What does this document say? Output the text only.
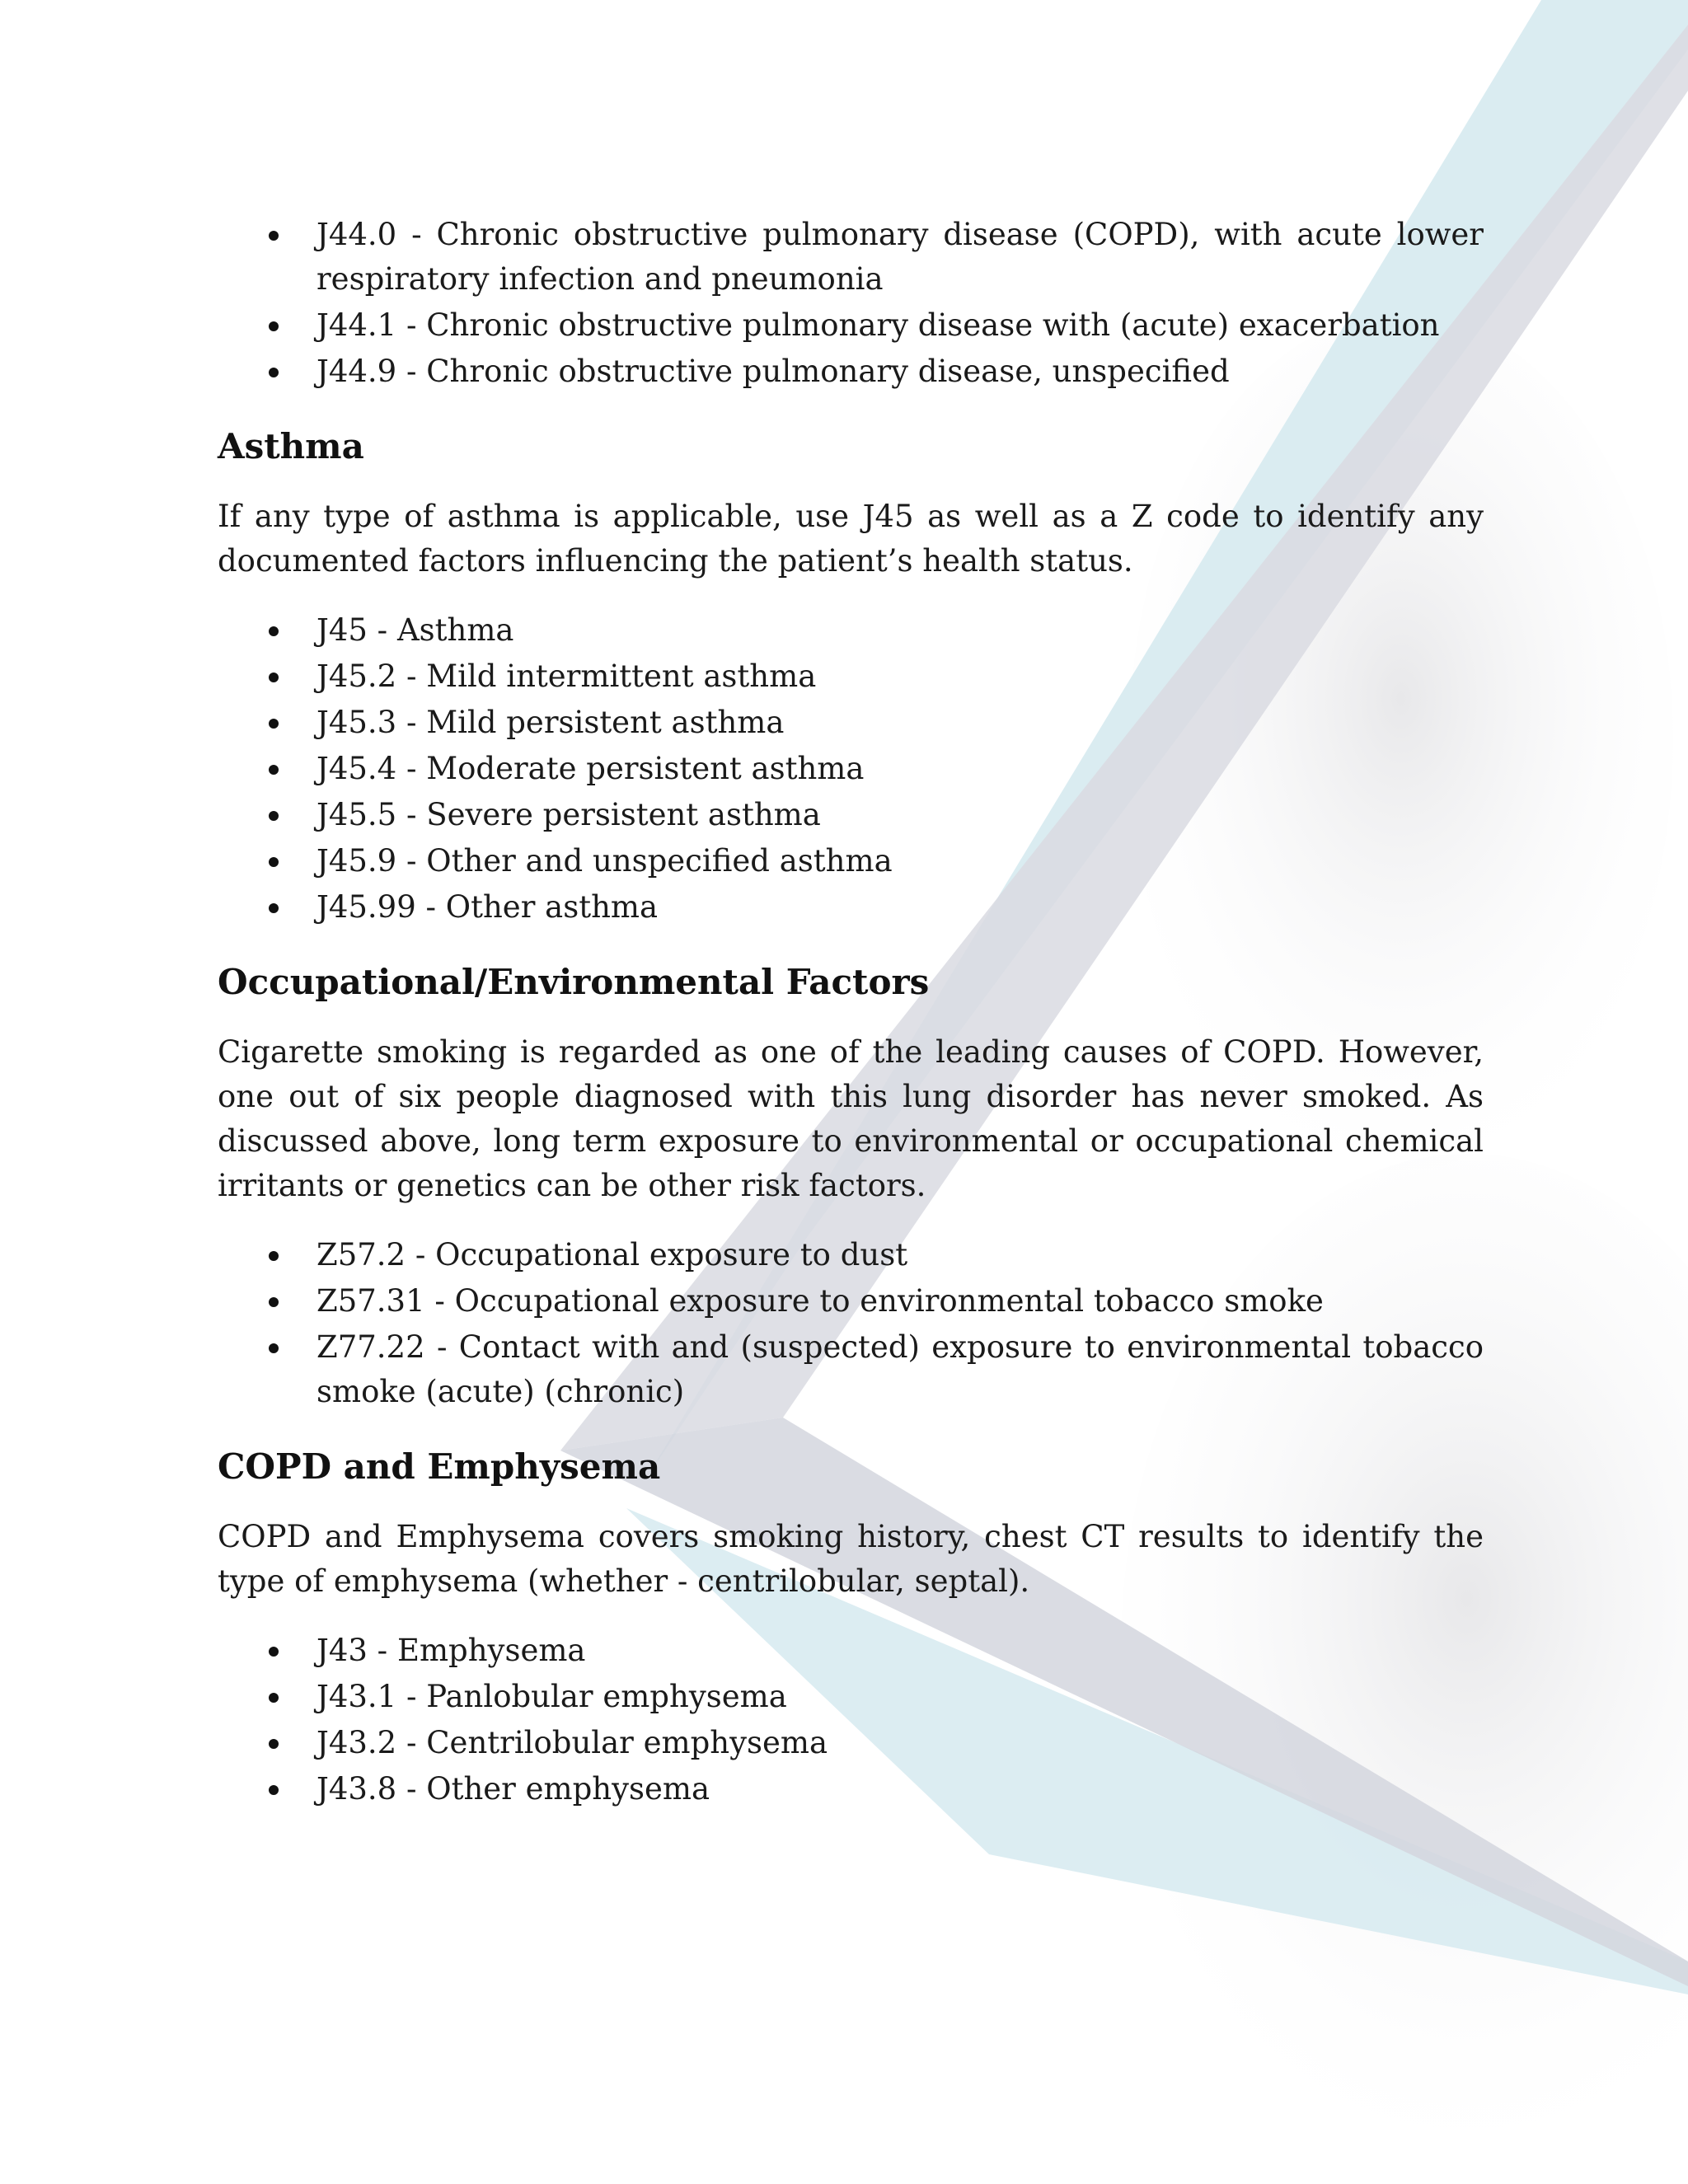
J44.0 - Chronic obstructive pulmonary disease (COPD), with acute lower respiratory infection and pneumonia
J44.1 - Chronic obstructive pulmonary disease with (acute) exacerbation
J44.9 - Chronic obstructive pulmonary disease, unspecified
Asthma

If any type of asthma is applicable, use J45 as well as a Z code to identify any documented factors influencing the patient’s health status.

J45 - Asthma
J45.2 - Mild intermittent asthma
J45.3 - Mild persistent asthma
J45.4 - Moderate persistent asthma
J45.5 - Severe persistent asthma
J45.9 - Other and unspecified asthma
J45.99 - Other asthma
Occupational/Environmental Factors

Cigarette smoking is regarded as one of the leading causes of COPD. However, one out of six people diagnosed with this lung disorder has never smoked. As discussed above, long term exposure to environmental or occupational chemical irritants or genetics can be other risk factors.

Z57.2 - Occupational exposure to dust
Z57.31 - Occupational exposure to environmental tobacco smoke
Z77.22 - Contact with and (suspected) exposure to environmental tobacco smoke (acute) (chronic)
COPD and Emphysema

COPD and Emphysema covers smoking history, chest CT results to identify the type of emphysema (whether - centrilobular, septal).

J43 - Emphysema
J43.1 - Panlobular emphysema
J43.2 - Centrilobular emphysema
J43.8 - Other emphysema
